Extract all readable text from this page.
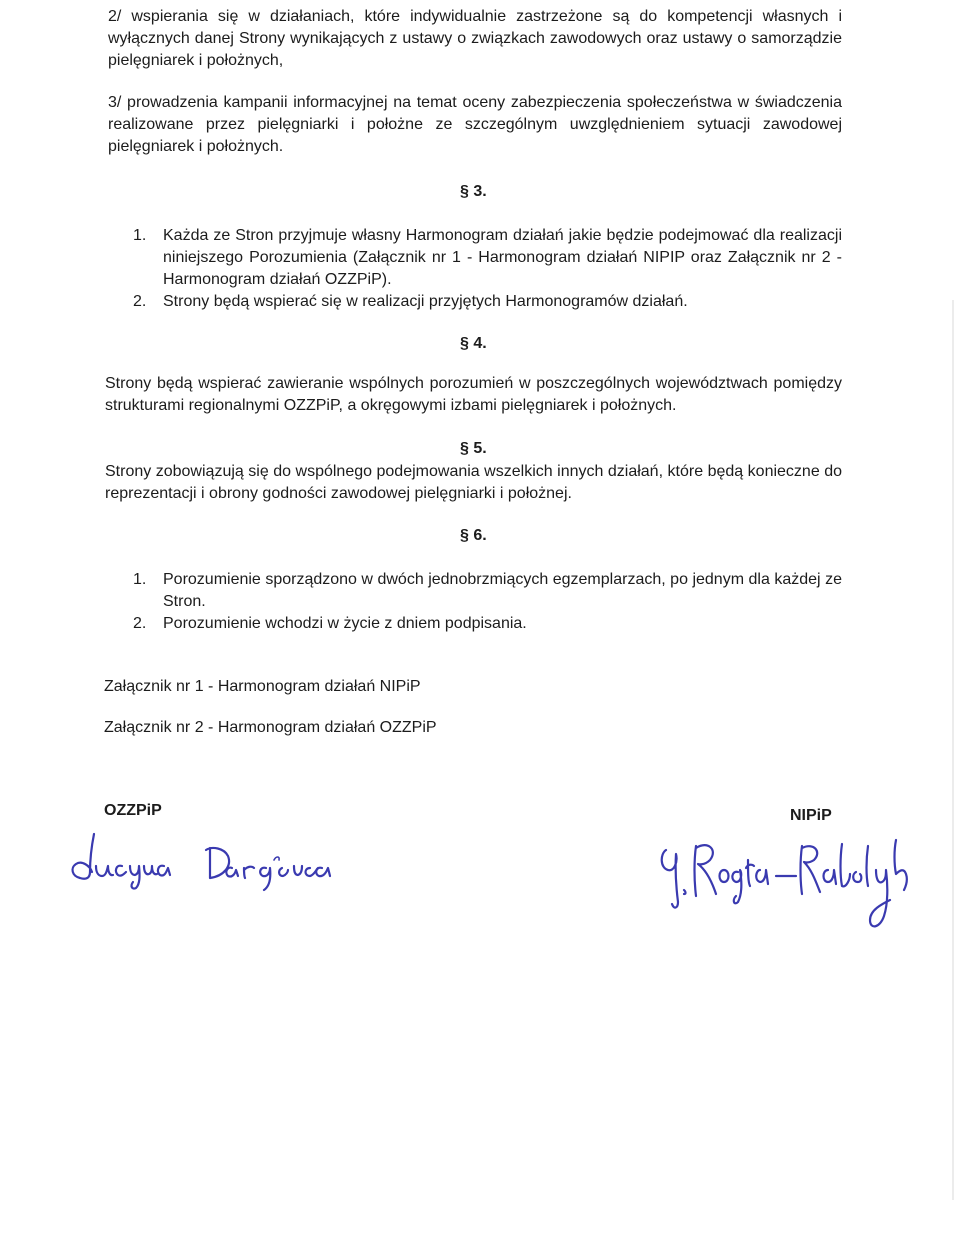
2/ wspierania się w działaniach, które indywidualnie zastrzeżone są do kompetencji własnych i wyłącznych danej Strony wynikających z ustawy o związkach zawodowych oraz ustawy o samorządzie pielęgniarek i położnych,

3/ prowadzenia kampanii informacyjnej na temat oceny zabezpieczenia społeczeństwa w świadczenia realizowane przez pielęgniarki i położne ze szczególnym uwzględnieniem sytuacji zawodowej pielęgniarek i położnych.

§ 3.
1. Każda ze Stron przyjmuje własny Harmonogram działań jakie będzie podejmować dla realizacji niniejszego Porozumienia (Załącznik nr 1 - Harmonogram działań NIPIP oraz Załącznik nr 2 - Harmonogram działań OZZPiP).
2. Strony będą wspierać się w realizacji przyjętych Harmonogramów działań.
§ 4.

Strony będą wspierać zawieranie wspólnych porozumień w poszczególnych województwach pomiędzy strukturami regionalnymi OZZPiP, a okręgowymi izbami pielęgniarek i położnych.

§ 5.

Strony zobowiązują się do wspólnego podejmowania wszelkich innych działań, które będą konieczne do reprezentacji i obrony godności zawodowej pielęgniarki i położnej.

§ 6.
1. Porozumienie sporządzono w dwóch jednobrzmiących egzemplarzach, po jednym dla każdej ze Stron.
2. Porozumienie wchodzi w życie z dniem podpisania.

Załącznik nr 1 - Harmonogram działań NIPiP

Załącznik nr 2 - Harmonogram działań OZZPiP

OZZPiP	NIPiP
